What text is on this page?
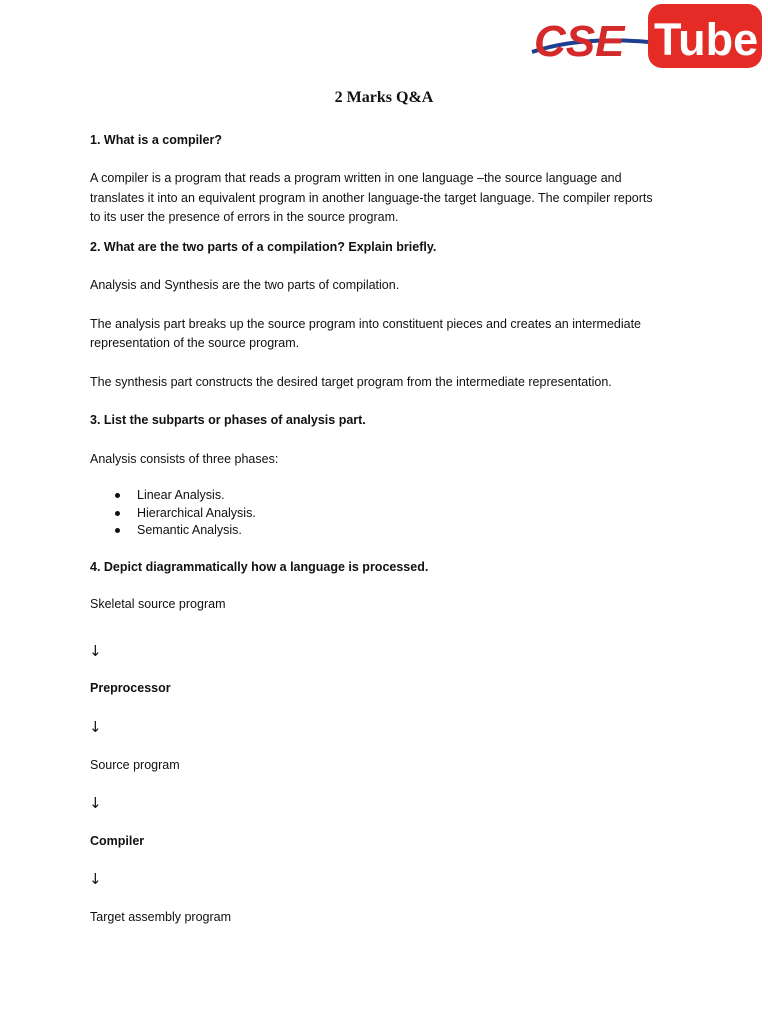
CSE Tube
2 Marks Q&A
1. What is a compiler?
A compiler is a program that reads a program written in one language –the source language and
translates it into an equivalent program in another language-the target language. The compiler reports
to its user the presence of errors in the source program.
2. What are the two parts of a compilation? Explain briefly.
Analysis and Synthesis are the two parts of compilation.
The analysis part breaks up the source program into constituent pieces and creates an intermediate
representation of the source program.
The synthesis part constructs the desired target program from the intermediate representation.
3. List the subparts or phases of analysis part.
Analysis consists of three phases:
Linear Analysis.
Hierarchical Analysis.
Semantic Analysis.
4. Depict diagrammatically how a language is processed.
Skeletal source program
↓
Preprocessor
↓
Source program
↓
Compiler
↓
Target assembly program
